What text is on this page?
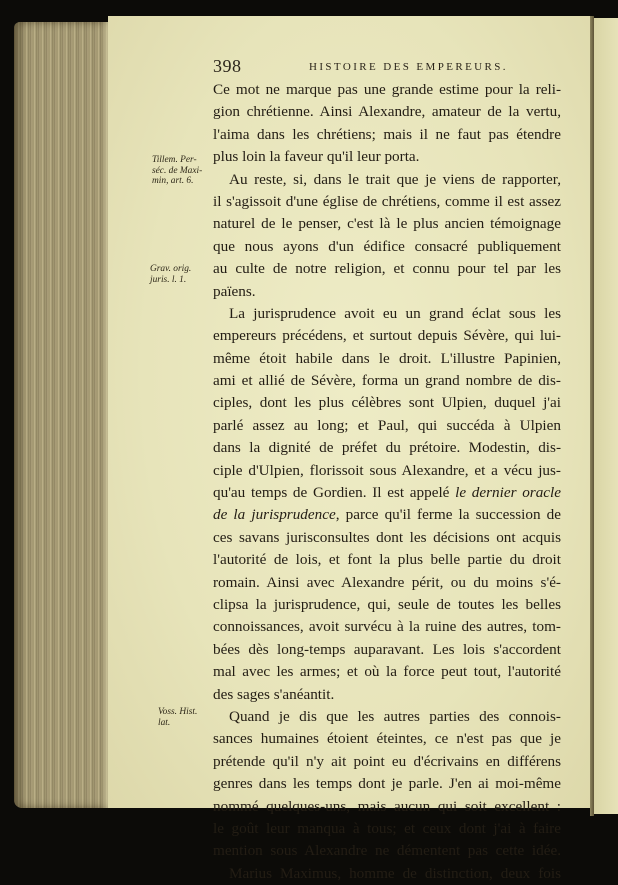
398	HISTOIRE DES EMPEREURS.
Tillem. Per-
séc. de Maxi-
min, art. 6.
Grav. orig.
juris. l. 1.
Voss. Hist.
lat.
Ce mot ne marque pas une grande estime pour la reli-
gion chrétienne. Ainsi Alexandre, amateur de la vertu,
l'aima dans les chrétiens; mais il ne faut pas étendre
plus loin la faveur qu'il leur porta.
Au reste, si, dans le trait que je viens de rapporter,
il s'agissoit d'une église de chrétiens, comme il est assez
naturel de le penser, c'est là le plus ancien témoignage
que nous ayons d'un édifice consacré publiquement
au culte de notre religion, et connu pour tel par les
païens.
La jurisprudence avoit eu un grand éclat sous les
empereurs précédens, et surtout depuis Sévère, qui lui-
même étoit habile dans le droit. L'illustre Papinien,
ami et allié de Sévère, forma un grand nombre de dis-
ciples, dont les plus célèbres sont Ulpien, duquel j'ai
parlé assez au long; et Paul, qui succéda à Ulpien
dans la dignité de préfet du prétoire. Modestin, dis-
ciple d'Ulpien, florissoit sous Alexandre, et a vécu jus-
qu'au temps de Gordien. Il est appelé le dernier oracle
de la jurisprudence, parce qu'il ferme la succession de
ces savans jurisconsultes dont les décisions ont acquis
l'autorité de lois, et font la plus belle partie du droit
romain. Ainsi avec Alexandre périt, ou du moins s'é-
clipsa la jurisprudence, qui, seule de toutes les belles
connoissances, avoit survécu à la ruine des autres, tom-
bées dès long-temps auparavant. Les lois s'accordent
mal avec les armes; et où la force peut tout, l'autorité
des sages s'anéantit.
Quand je dis que les autres parties des connois-
sances humaines étoient éteintes, ce n'est pas que je
prétende qu'il n'y ait point eu d'écrivains en différens
genres dans les temps dont je parle. J'en ai moi-même
nommé quelques-uns, mais aucun qui soit excellent :
le goût leur manqua à tous; et ceux dont j'ai à faire
mention sous Alexandre ne démentent pas cette idée.
Marius Maximus, homme de distinction, deux fois
